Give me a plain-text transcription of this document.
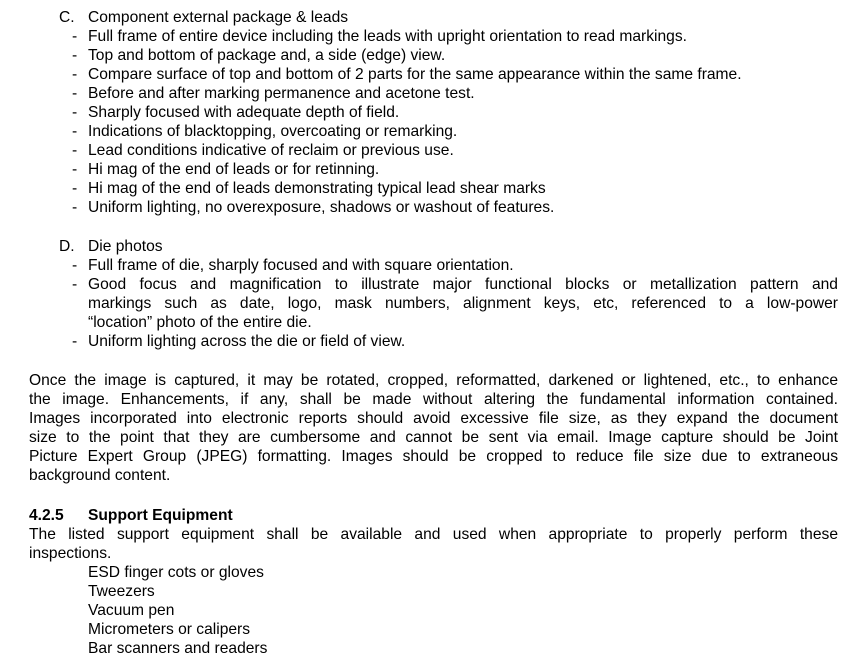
C. Component external package & leads
- Full frame of entire device including the leads with upright orientation to read markings.
- Top and bottom of package and, a side (edge) view.
- Compare surface of top and bottom of 2 parts for the same appearance within the same frame.
- Before and after marking permanence and acetone test.
- Sharply focused with adequate depth of field.
- Indications of blacktopping, overcoating or remarking.
- Lead conditions indicative of reclaim or previous use.
- Hi mag of the end of leads or for retinning.
- Hi mag of the end of leads demonstrating typical lead shear marks
- Uniform lighting, no overexposure, shadows or washout of features.
D. Die photos
- Full frame of die, sharply focused and with square orientation.
- Good focus and magnification to illustrate major functional blocks or metallization pattern and
markings such as date, logo, mask numbers, alignment keys, etc, referenced to a low-power
“location” photo of the entire die.
- Uniform lighting across the die or field of view.
Once the image is captured, it may be rotated, cropped, reformatted, darkened or lightened, etc., to enhance
the image. Enhancements, if any, shall be made without altering the fundamental information contained.
Images incorporated into electronic reports should avoid excessive file size, as they expand the document
size to the point that they are cumbersome and cannot be sent via email. Image capture should be Joint
Picture Expert Group (JPEG) formatting. Images should be cropped to reduce file size due to extraneous
background content.
4.2.5 Support Equipment
The listed support equipment shall be available and used when appropriate to properly perform these
inspections.
ESD finger cots or gloves
Tweezers
Vacuum pen
Micrometers or calipers
Bar scanners and readers
